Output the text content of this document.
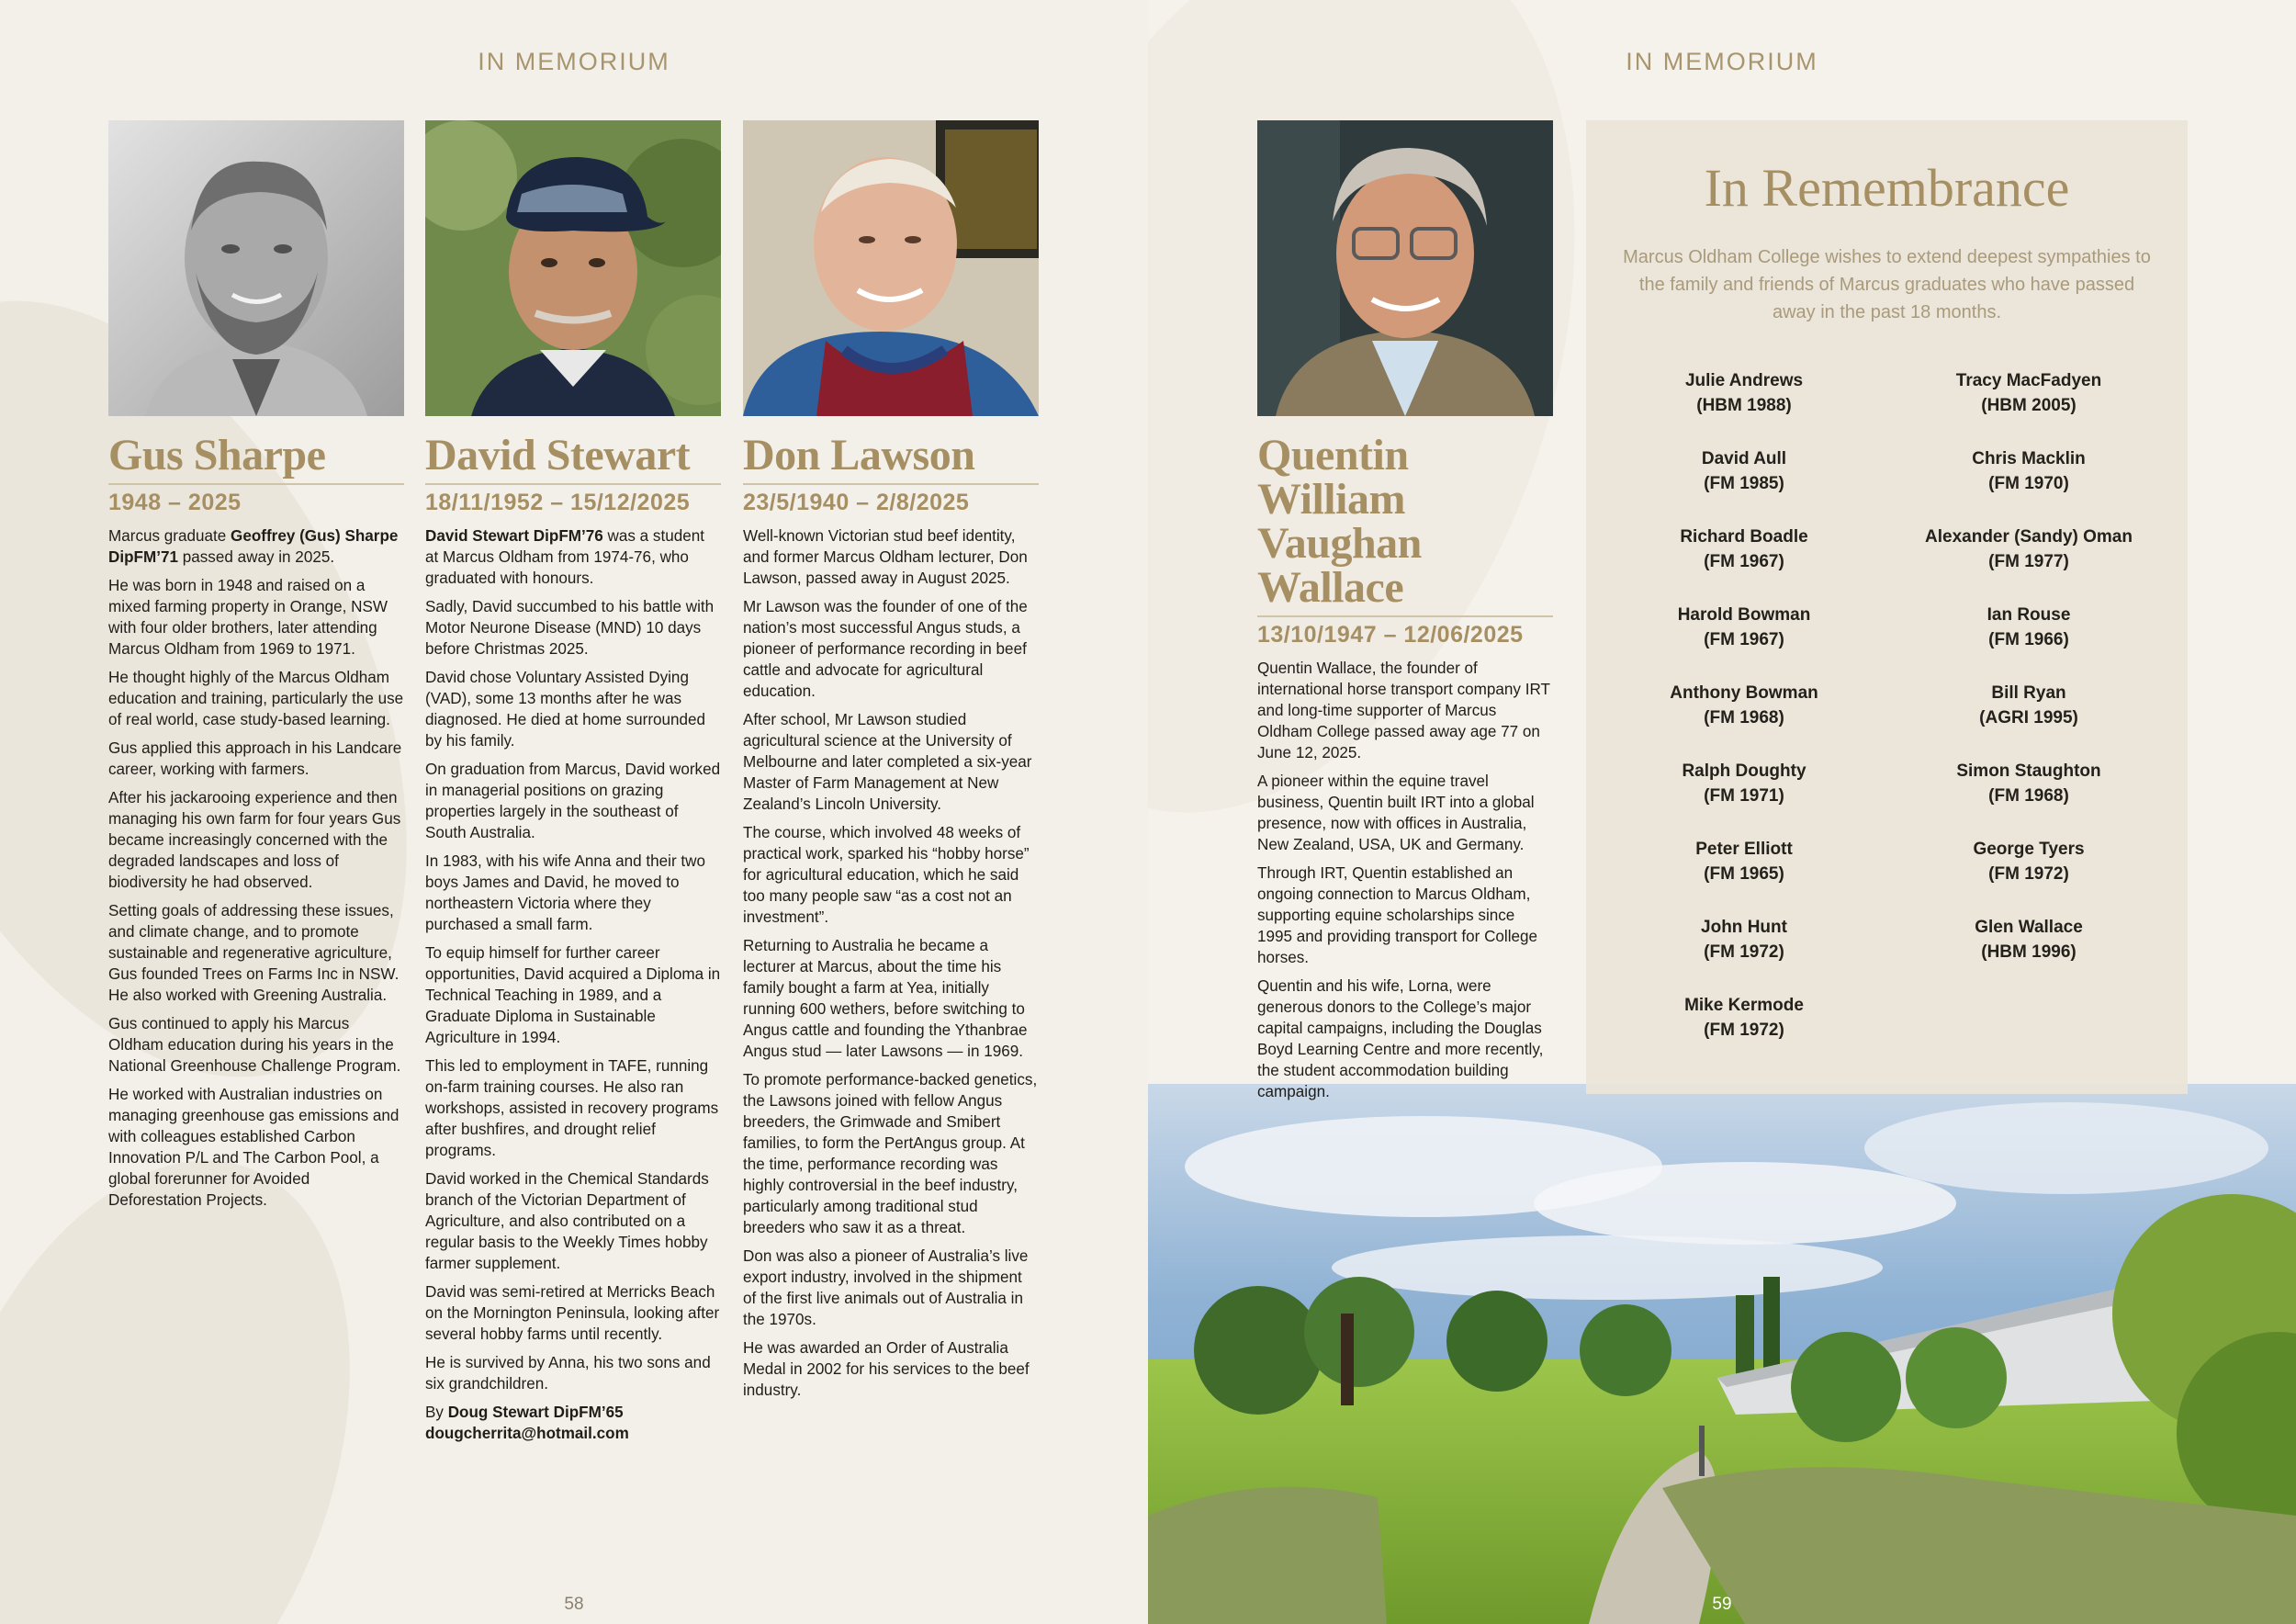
IN MEMORIUM
Gus Sharpe
1948 – 2025

Marcus graduate Geoffrey (Gus) Sharpe DipFM’71 passed away in 2025.

He was born in 1948 and raised on a mixed farming property in Orange, NSW with four older brothers, later attending Marcus Oldham from 1969 to 1971.

He thought highly of the Marcus Oldham education and training, particularly the use of real world, case study-based learning.

Gus applied this approach in his Landcare career, working with farmers.

After his jackarooing experience and then managing his own farm for four years Gus became increasingly concerned with the degraded landscapes and loss of biodiversity he had observed.

Setting goals of addressing these issues, and climate change, and to promote sustainable and regenerative agriculture, Gus founded Trees on Farms Inc in NSW. He also worked with Greening Australia.

Gus continued to apply his Marcus Oldham education during his years in the National Greenhouse Challenge Program.

He worked with Australian industries on managing greenhouse gas emissions and with colleagues established Carbon Innovation P/L and The Carbon Pool, a global forerunner for Avoided Deforestation Projects.

David Stewart
18/11/1952 – 15/12/2025

David Stewart DipFM’76 was a student at Marcus Oldham from 1974-76, who graduated with honours.

Sadly, David succumbed to his battle with Motor Neurone Disease (MND) 10 days before Christmas 2025.

David chose Voluntary Assisted Dying (VAD), some 13 months after he was diagnosed. He died at home surrounded by his family.

On graduation from Marcus, David worked in managerial positions on grazing properties largely in the southeast of South Australia.

In 1983, with his wife Anna and their two boys James and David, he moved to northeastern Victoria where they purchased a small farm.

To equip himself for further career opportunities, David acquired a Diploma in Technical Teaching in 1989, and a Graduate Diploma in Sustainable Agriculture in 1994.

This led to employment in TAFE, running on-farm training courses. He also ran workshops, assisted in recovery programs after bushfires, and drought relief programs.

David worked in the Chemical Standards branch of the Victorian Department of Agriculture, and also contributed on a regular basis to the Weekly Times hobby farmer supplement.

David was semi-retired at Merricks Beach on the Mornington Peninsula, looking after several hobby farms until recently.

He is survived by Anna, his two sons and six grandchildren.

By Doug Stewart DipFM’65 dougcherrita@hotmail.com

Don Lawson
23/5/1940 – 2/8/2025

Well-known Victorian stud beef identity, and former Marcus Oldham lecturer, Don Lawson, passed away in August 2025.

Mr Lawson was the founder of one of the nation’s most successful Angus studs, a pioneer of performance recording in beef cattle and advocate for agricultural education.

After school, Mr Lawson studied agricultural science at the University of Melbourne and later completed a six-year Master of Farm Management at New Zealand’s Lincoln University.

The course, which involved 48 weeks of practical work, sparked his “hobby horse” for agricultural education, which he said too many people saw “as a cost not an investment”.

Returning to Australia he became a lecturer at Marcus, about the time his family bought a farm at Yea, initially running 600 wethers, before switching to Angus cattle and founding the Ythanbrae Angus stud — later Lawsons — in 1969.

To promote performance-backed genetics, the Lawsons joined with fellow Angus breeders, the Grimwade and Smibert families, to form the PertAngus group. At the time, performance recording was highly controversial in the beef industry, particularly among traditional stud breeders who saw it as a threat.

Don was also a pioneer of Australia’s live export industry, involved in the shipment of the first live animals out of Australia in the 1970s.

He was awarded an Order of Australia Medal in 2002 for his services to the beef industry.

58
IN MEMORIUM
Quentin William
Vaughan Wallace
13/10/1947 – 12/06/2025

Quentin Wallace, the founder of international horse transport company IRT and long-time supporter of Marcus Oldham College passed away age 77 on June 12, 2025.

A pioneer within the equine travel business, Quentin built IRT into a global presence, now with offices in Australia, New Zealand, USA, UK and Germany.

Through IRT, Quentin established an ongoing connection to Marcus Oldham, supporting equine scholarships since 1995 and providing transport for College horses.

Quentin and his wife, Lorna, were generous donors to the College’s major capital campaigns, including the Douglas Boyd Learning Centre and more recently, the student accommodation building campaign.

In Remembrance

Marcus Oldham College wishes to extend deepest sympathies to the family and friends of Marcus graduates who have passed away in the past 18 months.

Julie Andrews
(HBM 1988)
David Aull
(FM 1985)
Richard Boadle
(FM 1967)
Harold Bowman
(FM 1967)
Anthony Bowman
(FM 1968)
Ralph Doughty
(FM 1971)
Peter Elliott
(FM 1965)
John Hunt
(FM 1972)
Mike Kermode
(FM 1972)
Tracy MacFadyen
(HBM 2005)
Chris Macklin
(FM 1970)
Alexander (Sandy) Oman
(FM 1977)
Ian Rouse
(FM 1966)
Bill Ryan
(AGRI 1995)
Simon Staughton
(FM 1968)
George Tyers
(FM 1972)
Glen Wallace
(HBM 1996)
59
